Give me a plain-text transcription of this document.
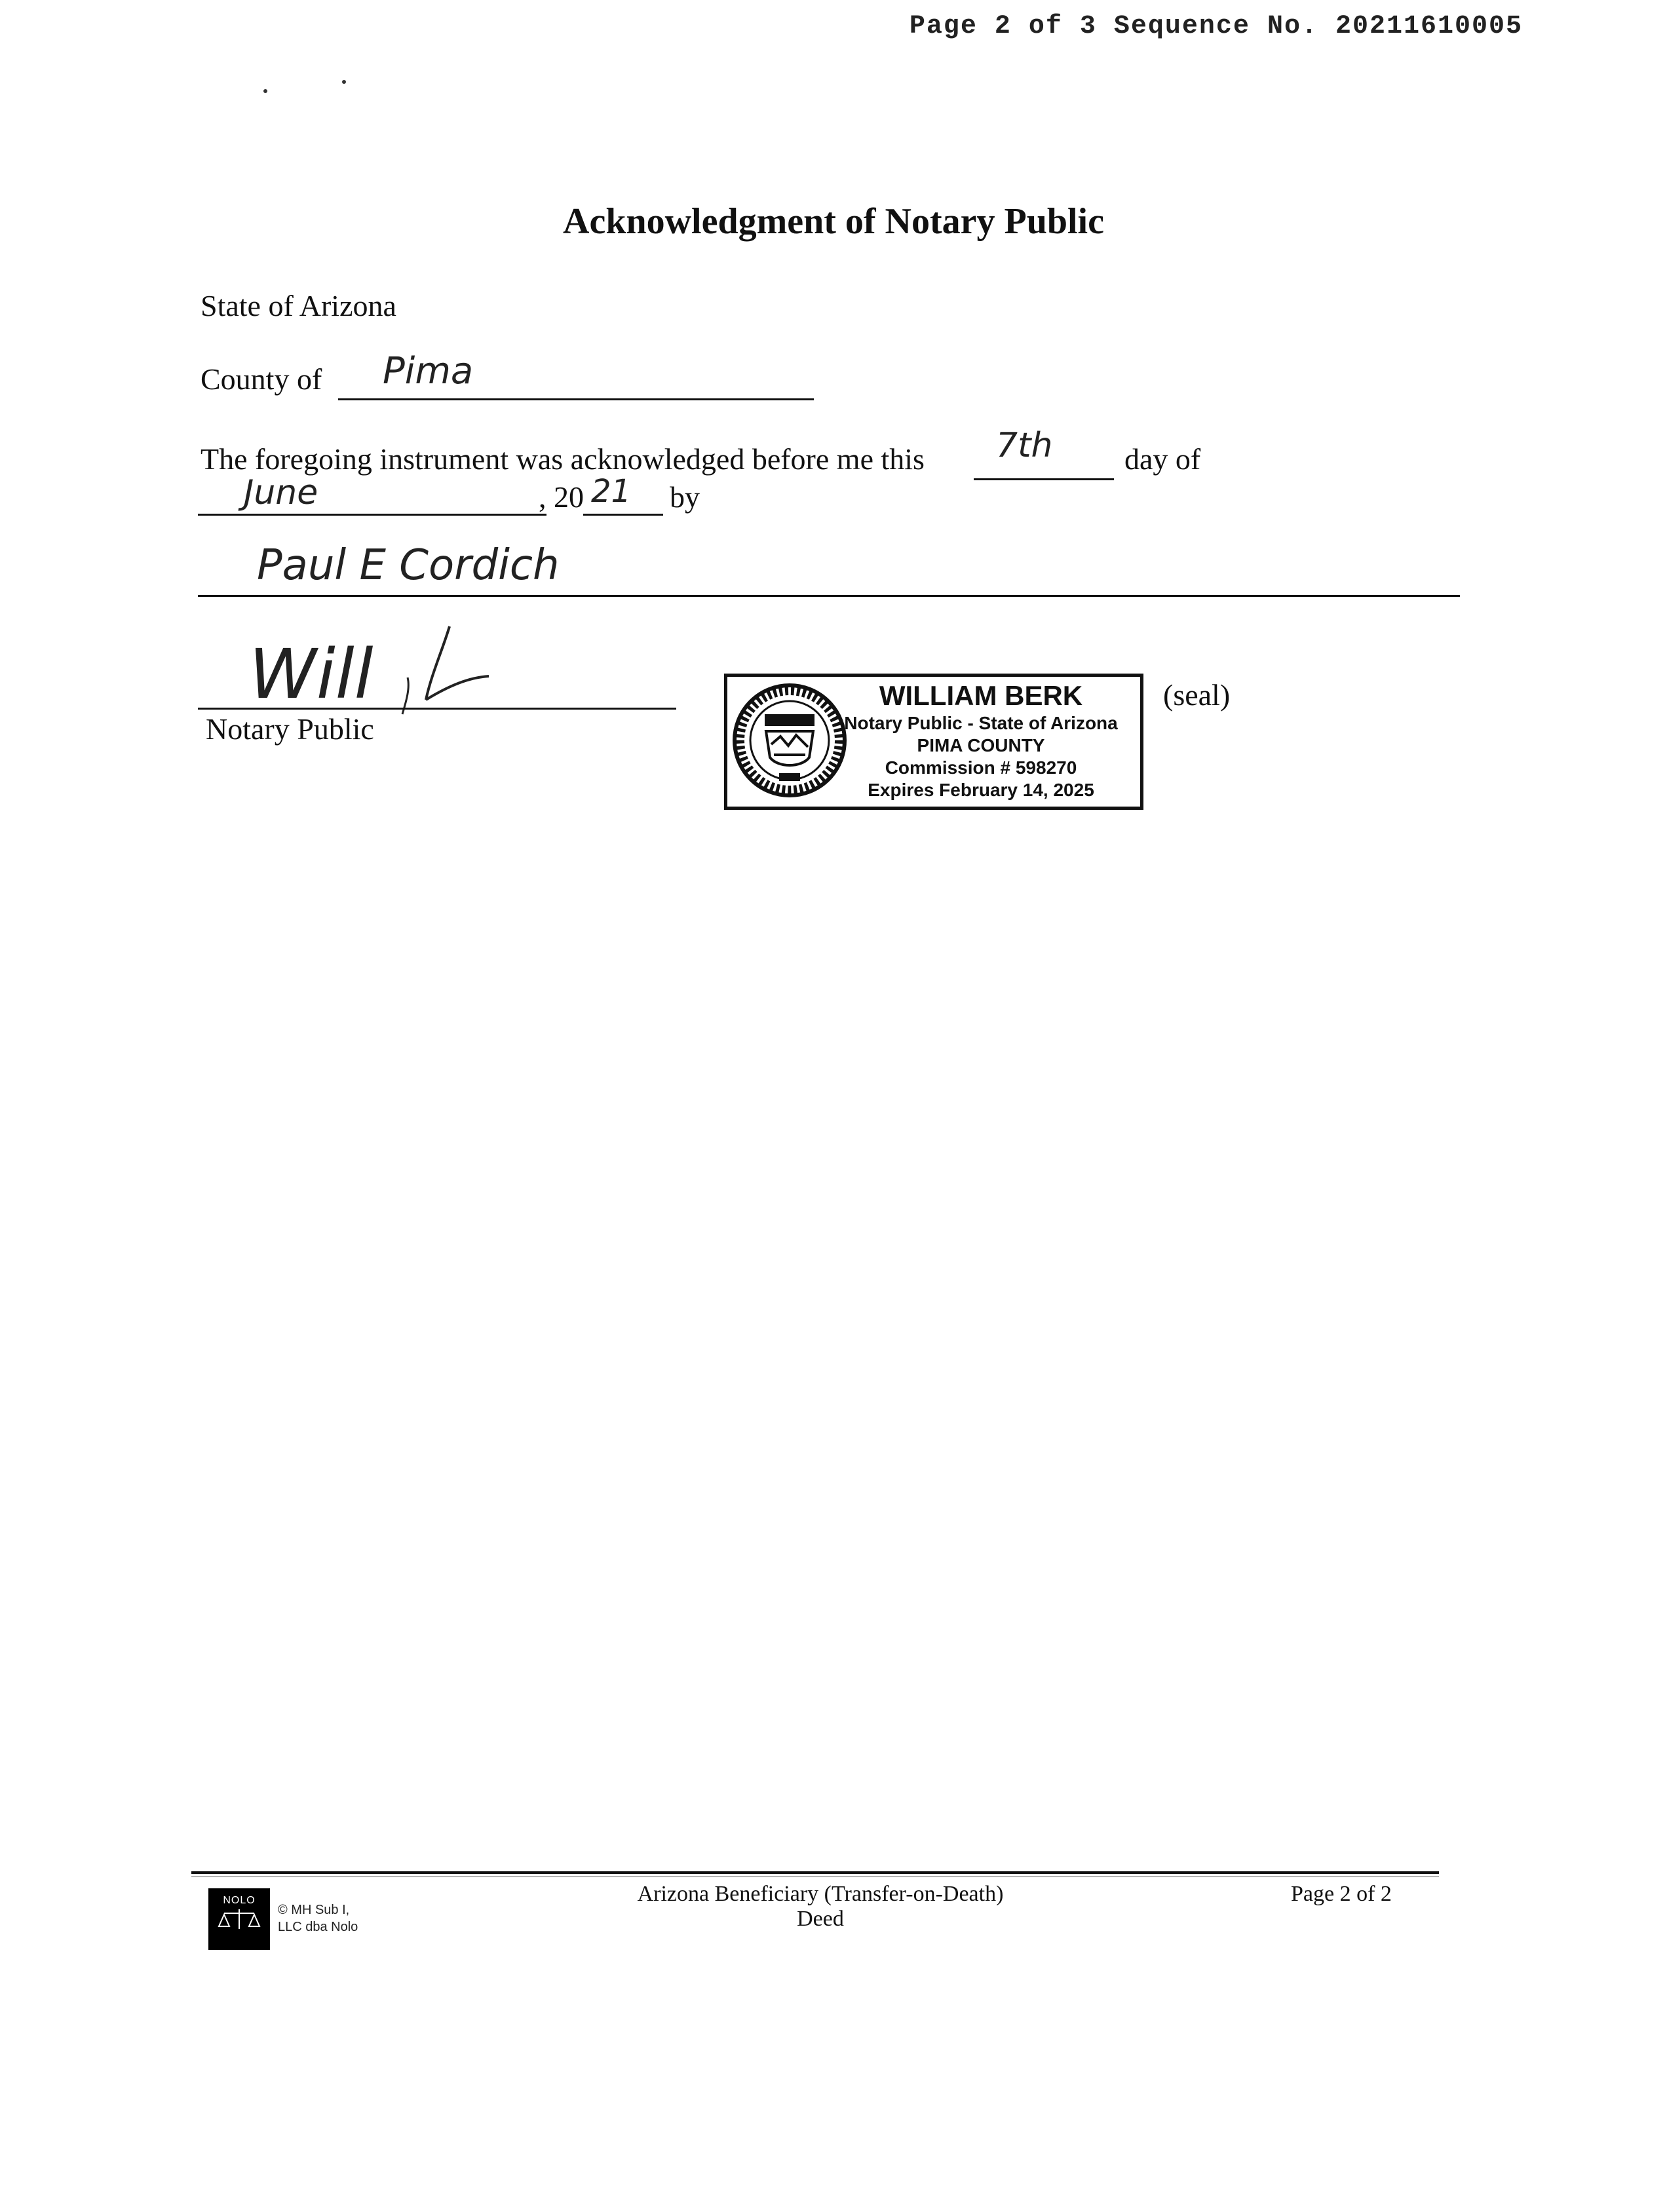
Page 2 of 3 Sequence No. 20211610005
Acknowledgment of Notary Public
State of Arizona
County of Pima
The foregoing instrument was acknowledged before me this 7th day of
June	, 20 21 by
Paul E Cordich
Will
Notary Public
WILLIAM BERK
Notary Public - State of Arizona
PIMA COUNTY
Commission # 598270
Expires February 14, 2025
(seal)
NOLO
© MH Sub I,
LLC dba Nolo
Arizona Beneficiary (Transfer-on-Death)
Deed
Page 2 of 2
